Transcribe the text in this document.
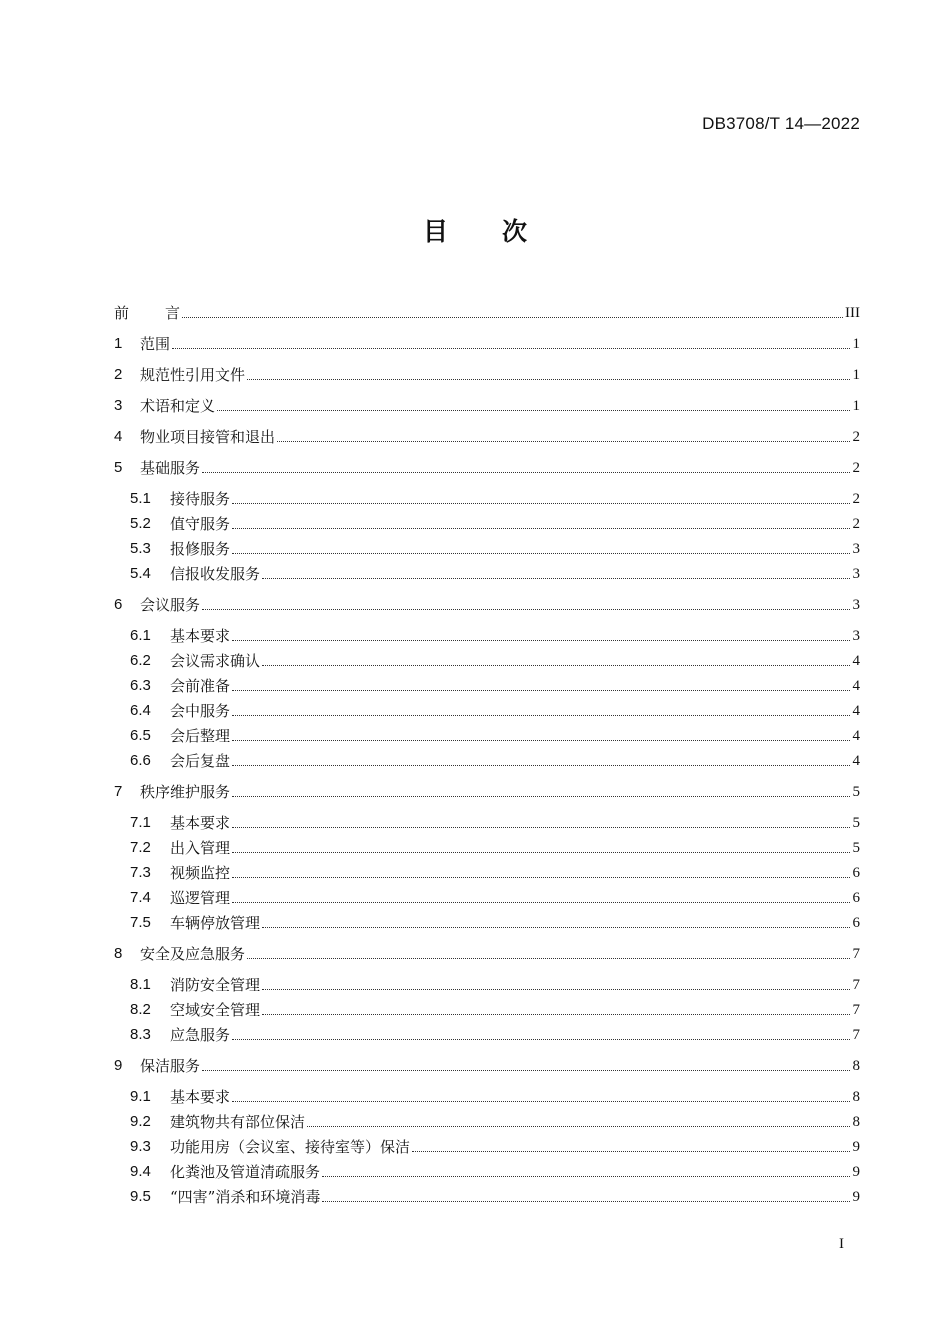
DB3708/T 14—2022
目 次
前 言	III
1	范围	1
2	规范性引用文件	1
3	术语和定义	1
4	物业项目接管和退出	2
5	基础服务	2
5.1	接待服务	2
5.2	值守服务	2
5.3	报修服务	3
5.4	信报收发服务	3
6	会议服务	3
6.1	基本要求	3
6.2	会议需求确认	4
6.3	会前准备	4
6.4	会中服务	4
6.5	会后整理	4
6.6	会后复盘	4
7	秩序维护服务	5
7.1	基本要求	5
7.2	出入管理	5
7.3	视频监控	6
7.4	巡逻管理	6
7.5	车辆停放管理	6
8	安全及应急服务	7
8.1	消防安全管理	7
8.2	空域安全管理	7
8.3	应急服务	7
9	保洁服务	8
9.1	基本要求	8
9.2	建筑物共有部位保洁	8
9.3	功能用房（会议室、接待室等）保洁	9
9.4	化粪池及管道清疏服务	9
9.5	“四害”消杀和环境消毒	9
I
